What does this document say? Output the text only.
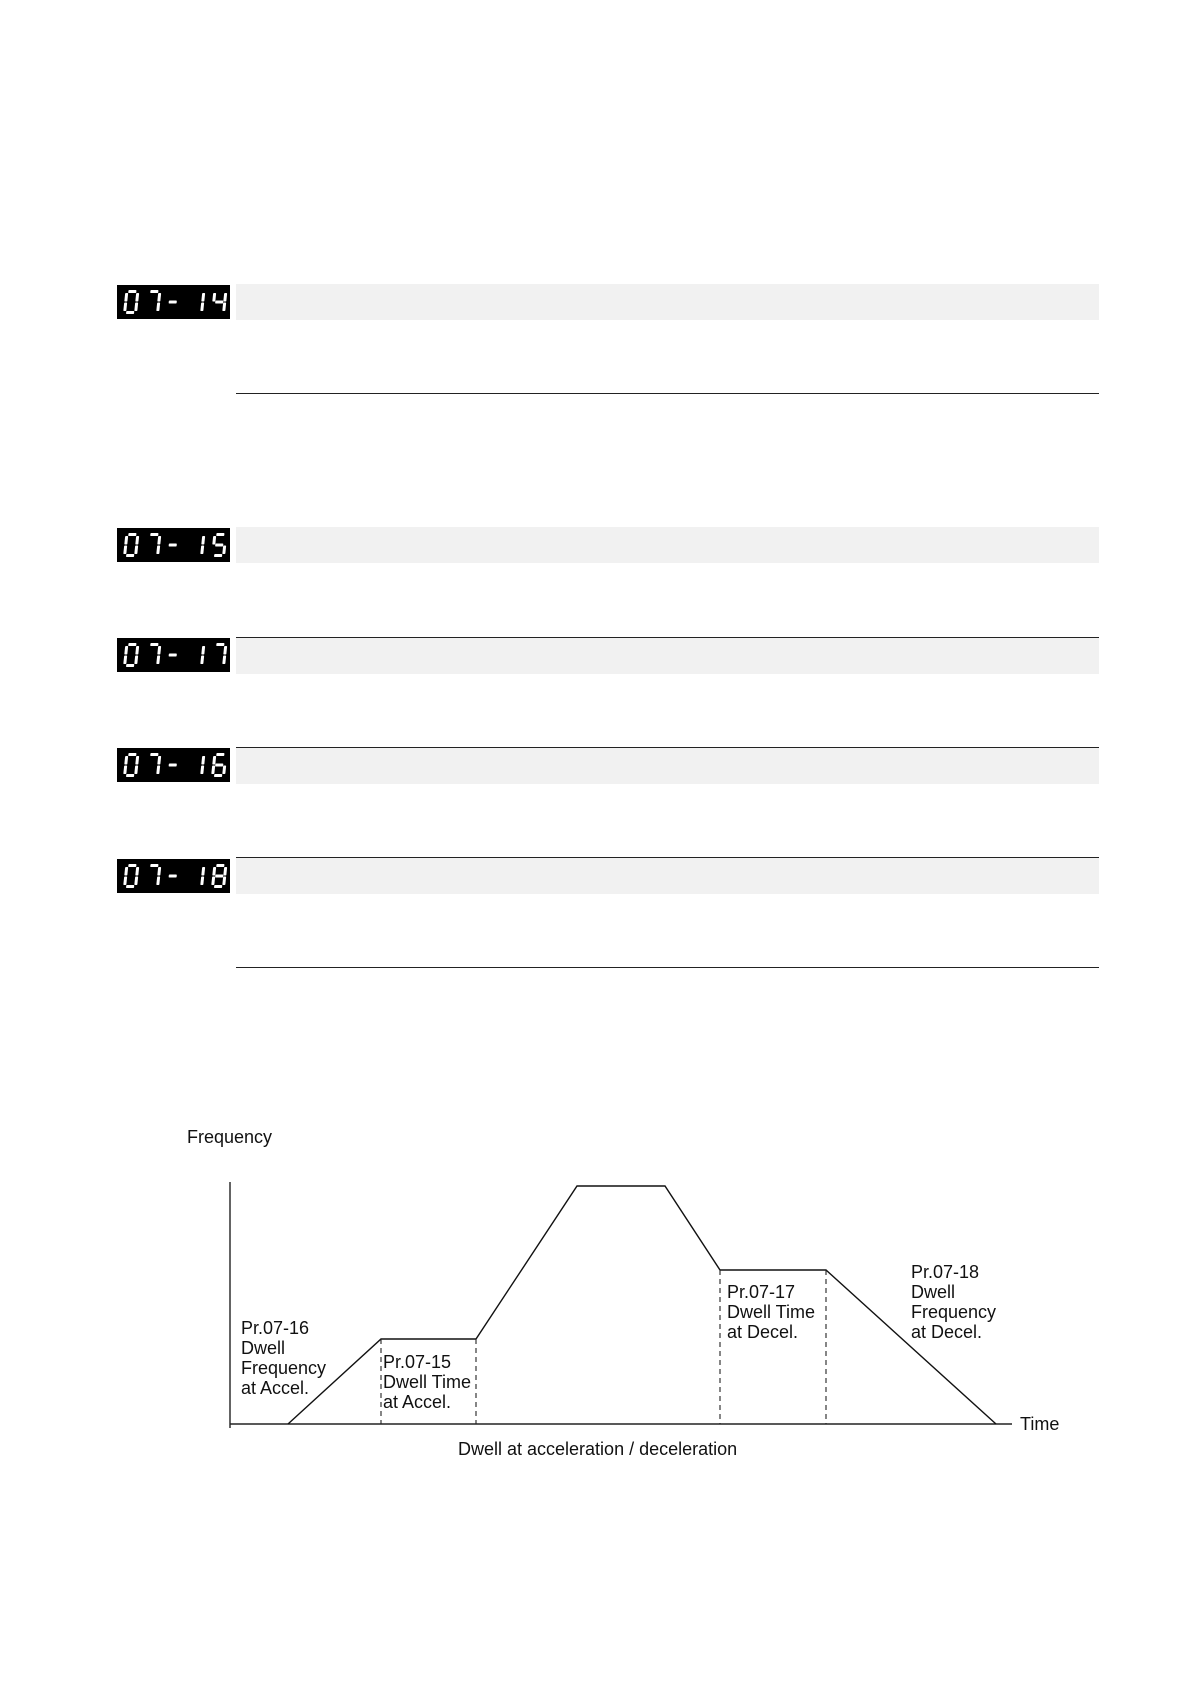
Frequency
Time
Dwell at acceleration / deceleration
Pr.07-16
Dwell
Frequency
at Accel.
Pr.07-15
Dwell Time
at Accel.
Pr.07-17
Dwell Time
at Decel.
Pr.07-18
Dwell
Frequency
at Decel.
